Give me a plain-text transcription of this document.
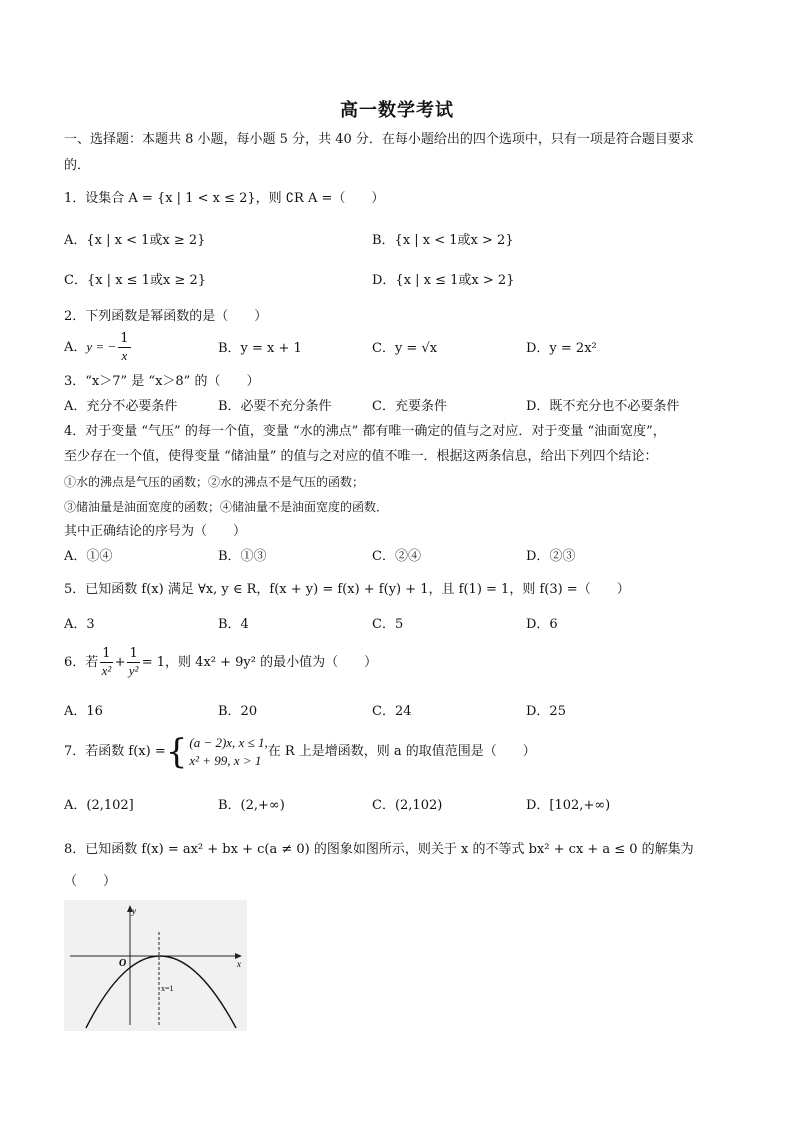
高一数学考试
一、选择题：本题共 8 小题，每小题 5 分，共 40 分．在每小题给出的四个选项中，只有一项是符合题目要求
的．
1．设集合 A = {x | 1 < x ≤ 2}，则 ∁R A =（　　）
A．{x | x < 1或x ≥ 2}	B．{x | x < 1或x > 2}
C．{x | x ≤ 1或x ≥ 2}	D．{x | x ≤ 1或x > 2}
2．下列函数是幂函数的是（　　）
A．y = − $\frac{1}{x}$	B．y = x + 1	C．y = √x	D．y = 2x²
3．“x＞7” 是 “x＞8” 的（　　）
A．充分不必要条件	B．必要不充分条件	C．充要条件	D．既不充分也不必要条件
4．对于变量 “气压” 的每一个值，变量 “水的沸点” 都有唯一确定的值与之对应．对于变量 “油面宽度”，
至少存在一个值，使得变量 “储油量” 的值与之对应的值不唯一．根据这两条信息，给出下列四个结论：
①水的沸点是气压的函数；②水的沸点不是气压的函数；
③储油量是油面宽度的函数；④储油量不是油面宽度的函数．
其中正确结论的序号为（　　）
A．①④	B．①③	C．②④	D．②③
5．已知函数 f(x) 满足 ∀x, y ∈ R，f(x + y) = f(x) + f(y) + 1，且 f(1) = 1，则 f(3) =（　　）
A．3	B．4	C．5	D．6
6．若 $\frac{1}{\text{x²}} + \frac{1}{\text{y²}} = 1$，则 4x² + 9y² 的最小值为（　　）
A．16	B．20	C．24	D．25
7．若函数 f(x) ={ (a − 2)x, x ≤ 1,
x² + 99, x > 1
在 R 上是增函数，则 a 的取值范围是（　　）
A．(2,102]	B．(2,+∞)	C．(2,102)	D．[102,+∞)
8．已知函数 f(x) = ax² + bx + c(a ≠ 0) 的图象如图所示，则关于 x 的不等式 bx² + cx + a ≤ 0 的解集为
（　　）
y
x
O
x=1
